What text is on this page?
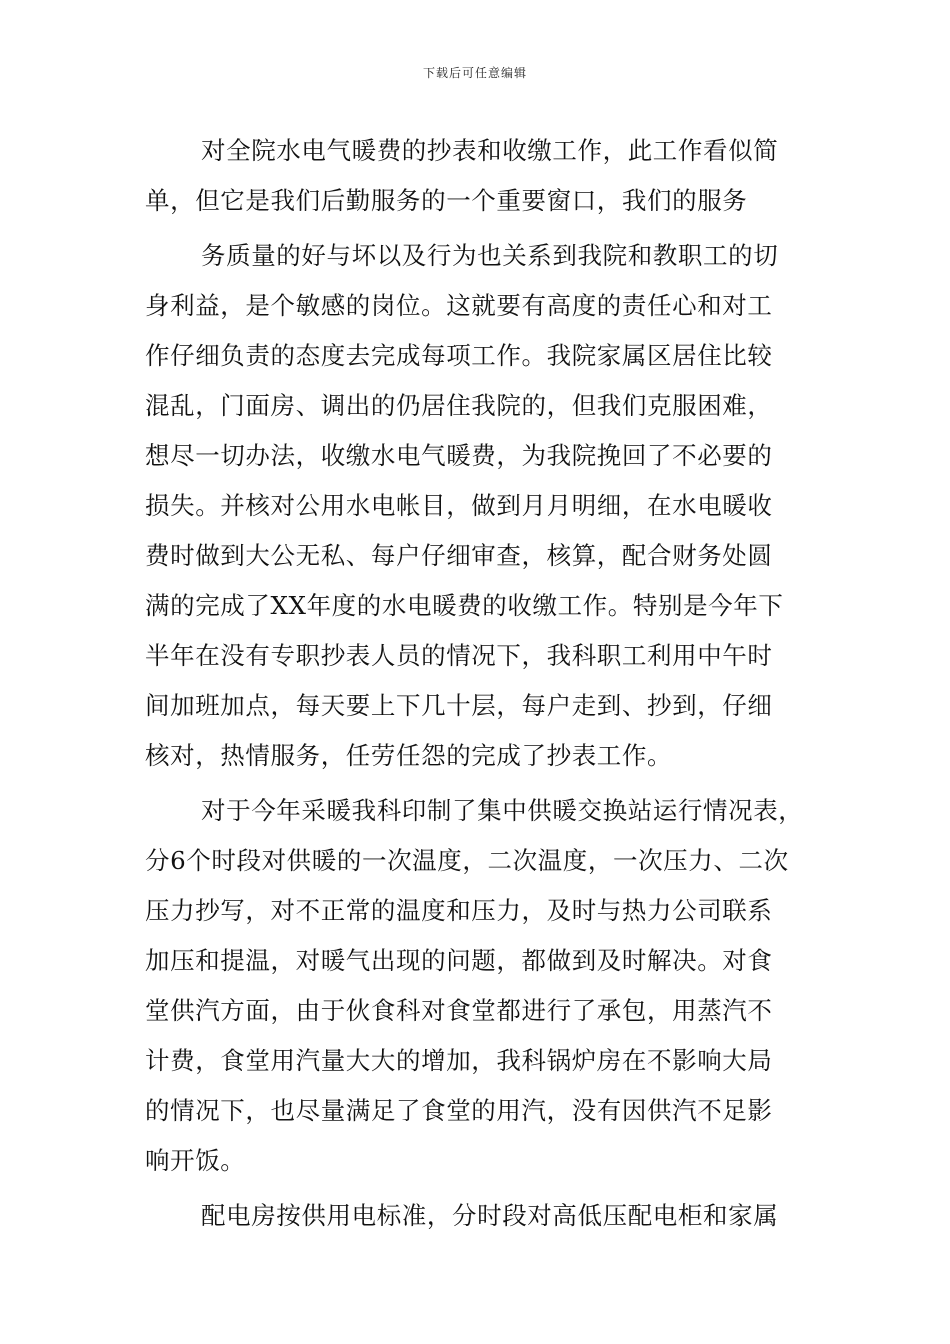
下载后可任意编辑
对全院水电气暖费的抄表和收缴工作，此工作看似简
单，但它是我们后勤服务的一个重要窗口，我们的服务
务质量的好与坏以及行为也关系到我院和教职工的切
身利益，是个敏感的岗位。这就要有高度的责任心和对工
作仔细负责的态度去完成每项工作。我院家属区居住比较
混乱，门面房、调出的仍居住我院的，但我们克服困难，
想尽一切办法，收缴水电气暖费，为我院挽回了不必要的
损失。并核对公用水电帐目，做到月月明细，在水电暖收
费时做到大公无私、每户仔细审查，核算，配合财务处圆
满的完成了XX年度的水电暖费的收缴工作。特别是今年下
半年在没有专职抄表人员的情况下，我科职工利用中午时
间加班加点，每天要上下几十层，每户走到、抄到，仔细
核对，热情服务，任劳任怨的完成了抄表工作。
对于今年采暖我科印制了集中供暖交换站运行情况表，
分6个时段对供暖的一次温度，二次温度，一次压力、二次
压力抄写，对不正常的温度和压力，及时与热力公司联系
加压和提温，对暖气出现的问题，都做到及时解决。对食
堂供汽方面，由于伙食科对食堂都进行了承包，用蒸汽不
计费，食堂用汽量大大的增加，我科锅炉房在不影响大局
的情况下，也尽量满足了食堂的用汽，没有因供汽不足影
响开饭。
配电房按供用电标准，分时段对高低压配电柜和家属
